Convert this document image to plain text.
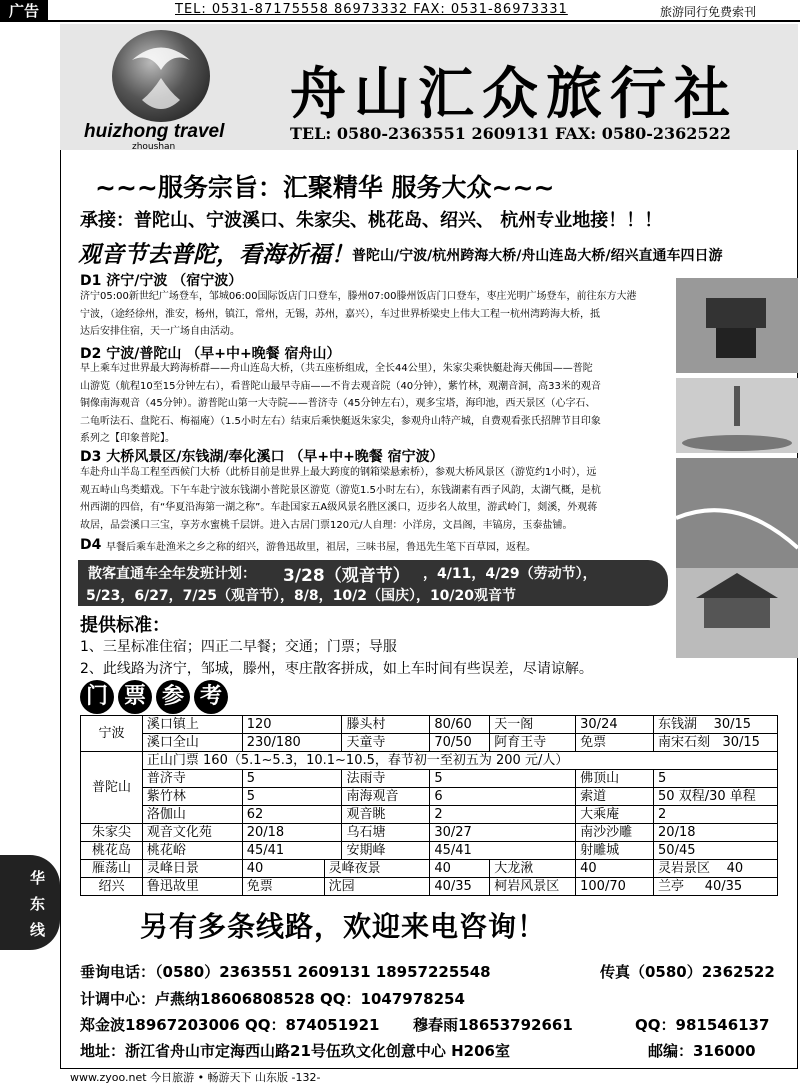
广告	TEL: 0531-87175558 86973332 FAX: 0531-86973331	旅游同行免费索刊
huizhong travel
zhoushan
舟山汇众旅行社
TEL: 0580-2363551 2609131 FAX: 0580-2362522
~~~服务宗旨：汇聚精华 服务大众~~~
承接：普陀山、宁波溪口、朱家尖、桃花岛、绍兴、 杭州专业地接！！！
观音节去普陀，看海祈福！
普陀山/宁波/杭州跨海大桥/舟山连岛大桥/绍兴直通车四日游
D1 济宁/宁波 （宿宁波）
济宁05:00新世纪广场登车，邹城06:00国际饭店门口登车，滕州07:00滕州饭店门口登车，枣庄光明广场登车，前往东方大港
宁波，（途经徐州，淮安，杨州，镇江，常州，无锡，苏州，嘉兴），车过世界桥梁史上伟大工程一杭州湾跨海大桥，抵
达后安排住宿，天一广场自由活动。
D2 宁波/普陀山 （早+中+晚餐 宿舟山）
早上乘车过世界最大跨海桥群——舟山连岛大桥，（共五座桥组成，全长44公里），朱家尖乘快艇赴海天佛国——普陀
山游览（航程10至15分钟左右），看普陀山最早寺庙——不肯去观音院（40分钟），紫竹林，观潮音洞，高33米的观音
铜像南海观音（45分钟）。游普陀山第一大寺院——普济寺（45分钟左右），观多宝塔，海印池，西天景区（心字石、
二龟听法石、盘陀石、梅福庵）（1.5小时左右）结束后乘快艇返朱家尖，参观舟山特产城，自费观看张氏招牌节目印象
系列之【印象普陀】。
D3 大桥风景区/东钱湖/奉化溪口 （早+中+晚餐 宿宁波）
车赴舟山半岛工程至西候门大桥（此桥目前是世界上最大跨度的钢箱梁悬索桥），参观大桥风景区（游览约1小时），远
观五峙山鸟类蜡戏。下午车赴宁波东钱湖小普陀景区游览（游览1.5小时左右），东钱湖素有西子风韵，太湖气概，是杭
州西湖的四倍，有“华夏沿海第一湖之称”。车赴国家五A级风景名胜区溪口，迈步名人故里，游武岭门，剡溪，外观蒋
故居，品尝溪口三宝，享芳水蜜桃千层饼。进入古居门票120元/人自理：小洋房，文昌阁，丰镐房，玉泰盐铺。
D4 早餐后乘车赴渔米之乡之称的绍兴，游鲁迅故里，祖居，三味书屋，鲁迅先生笔下百草园，返程。
散客直通车全年发班计划： 3/28（观音节） ，4/11，4/29（劳动节），
5/23，6/27，7/25（观音节），8/8，10/2（国庆），10/20观音节
提供标准：
1、三星标准住宿；四正二早餐；交通；门票；导服
2、此线路为济宁，邹城，滕州，枣庄散客拼成，如上车时间有些误差，尽请谅解。
门 票 参 考
宁波	溪口镇上	120		滕头村	80/60	天一阁	30/24	东钱湖 30/15
	溪口全山	230/180		天童寺	70/50	阿育王寺	免票	南宋石刻 30/15
普陀山	正山门票 160（5.1~5.3，10.1~10.5，春节初一至初五为 200 元/人）							
	普济寺	5		法雨寺	5		佛顶山	5
	紫竹林	5		南海观音	6		索道	50 双程/30 单程
	洛伽山	62		观音眺	2		大乘庵	2
朱家尖	观音文化苑	20/18		乌石塘	30/27		南沙沙雕	20/18
桃花岛	桃花峪	45/41		安期峰	45/41		射雕城	50/45
雁荡山	灵峰日景	40	灵峰夜景		40	大龙湫	40	灵岩景区 40
绍兴	鲁迅故里	免票	沈园		40/35	柯岩风景区	100/70	兰亭 40/35
另有多条线路，欢迎来电咨询！
垂询电话：（0580）2363551 2609131 18957225548	传真（0580）2362522
计调中心：卢燕纳18606808528 QQ：1047978254
郑金波18967203006 QQ：874051921 穆春雨18653792661	QQ：981546137
地址：浙江省舟山市定海西山路21号伍玖文化创意中心 H206室	邮编：316000
华
东
线
www.zyoo.net 今日旅游 • 畅游天下 山东版 -132-
